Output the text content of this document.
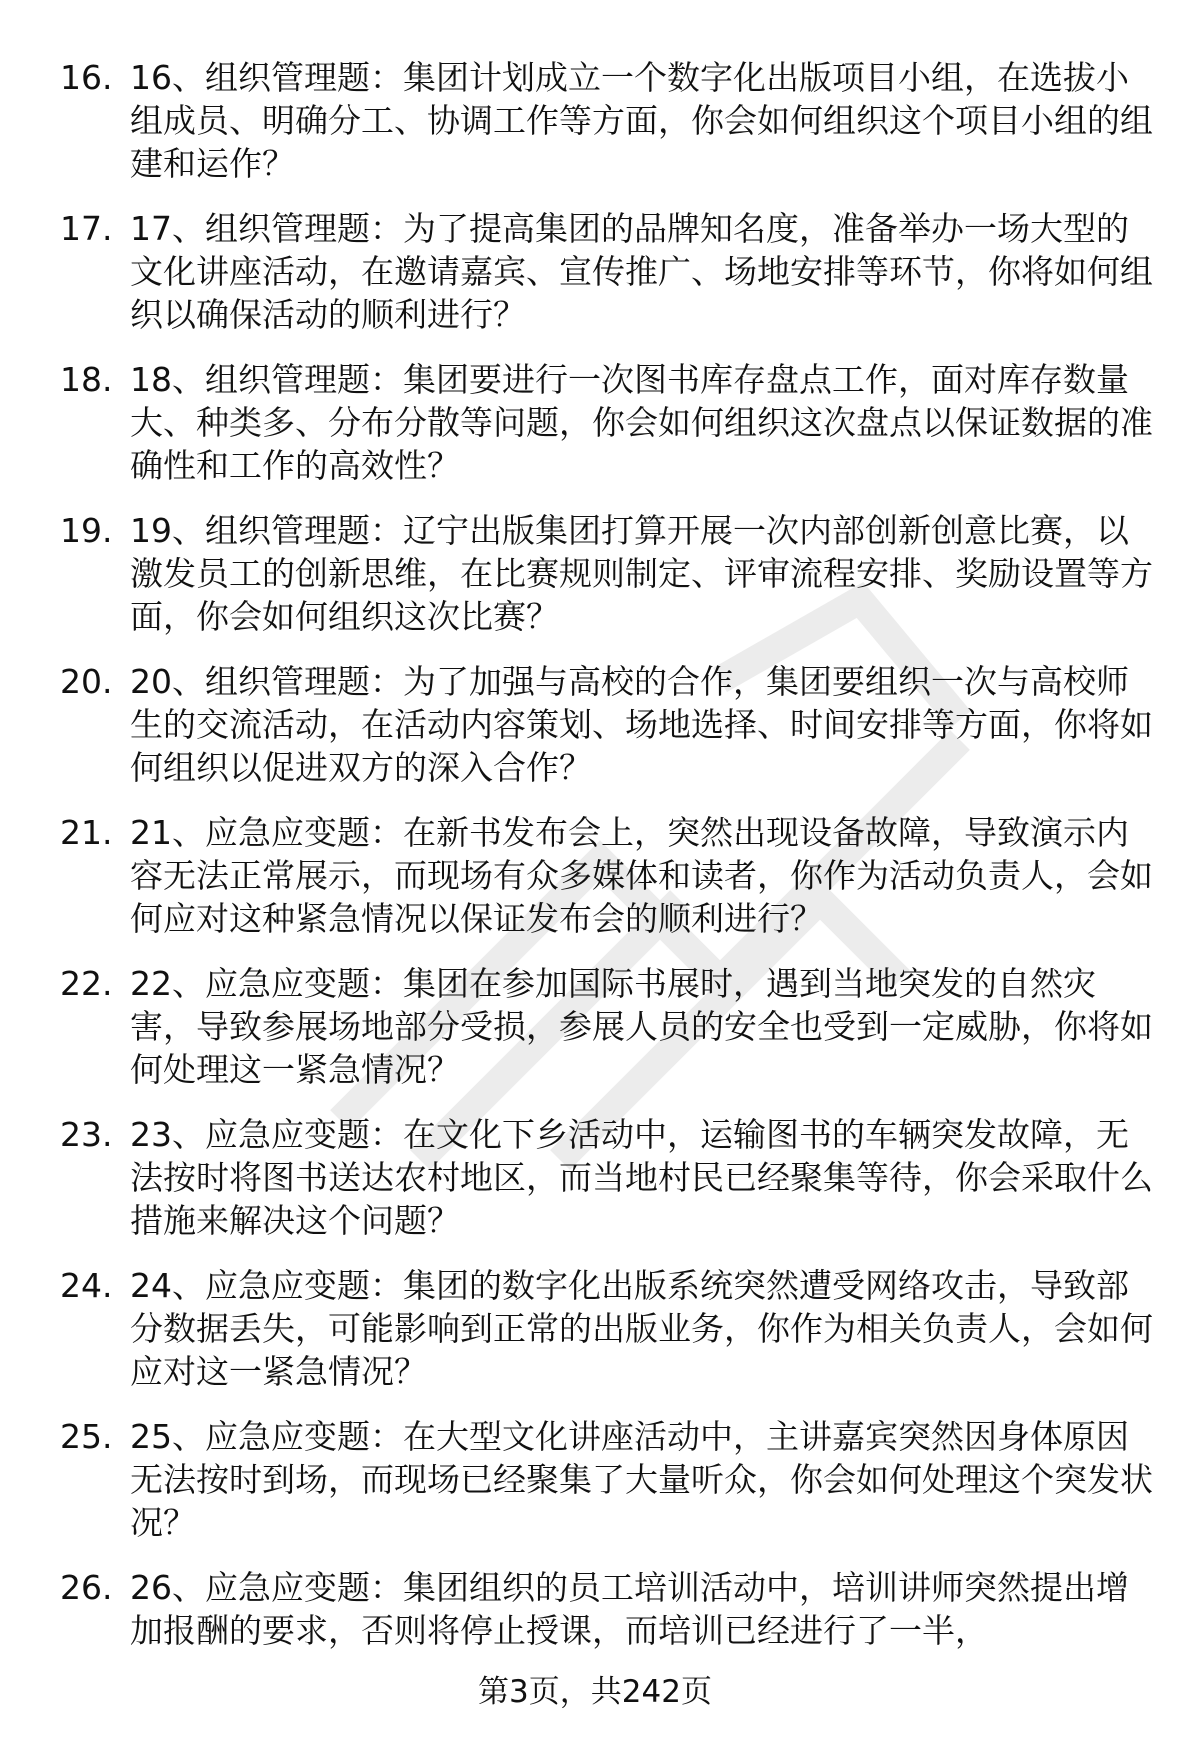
16. 16、组织管理题：集团计划成立一个数字化出版项目小组，在选拔小组成员、明确分工、协调工作等方面，你会如何组织这个项目小组的组建和运作？
17. 17、组织管理题：为了提高集团的品牌知名度，准备举办一场大型的文化讲座活动，在邀请嘉宾、宣传推广、场地安排等环节，你将如何组织以确保活动的顺利进行？
18. 18、组织管理题：集团要进行一次图书库存盘点工作，面对库存数量大、种类多、分布分散等问题，你会如何组织这次盘点以保证数据的准确性和工作的高效性？
19. 19、组织管理题：辽宁出版集团打算开展一次内部创新创意比赛，以激发员工的创新思维，在比赛规则制定、评审流程安排、奖励设置等方面，你会如何组织这次比赛？
20. 20、组织管理题：为了加强与高校的合作，集团要组织一次与高校师生的交流活动，在活动内容策划、场地选择、时间安排等方面，你将如何组织以促进双方的深入合作？
21. 21、应急应变题：在新书发布会上，突然出现设备故障，导致演示内容无法正常展示，而现场有众多媒体和读者，你作为活动负责人，会如何应对这种紧急情况以保证发布会的顺利进行？
22. 22、应急应变题：集团在参加国际书展时，遇到当地突发的自然灾害，导致参展场地部分受损，参展人员的安全也受到一定威胁，你将如何处理这一紧急情况？
23. 23、应急应变题：在文化下乡活动中，运输图书的车辆突发故障，无法按时将图书送达农村地区，而当地村民已经聚集等待，你会采取什么措施来解决这个问题？
24. 24、应急应变题：集团的数字化出版系统突然遭受网络攻击，导致部分数据丢失，可能影响到正常的出版业务，你作为相关负责人，会如何应对这一紧急情况？
25. 25、应急应变题：在大型文化讲座活动中，主讲嘉宾突然因身体原因无法按时到场，而现场已经聚集了大量听众，你会如何处理这个突发状况？
26. 26、应急应变题：集团组织的员工培训活动中，培训讲师突然提出增加报酬的要求，否则将停止授课，而培训已经进行了一半，
第3页，共242页
